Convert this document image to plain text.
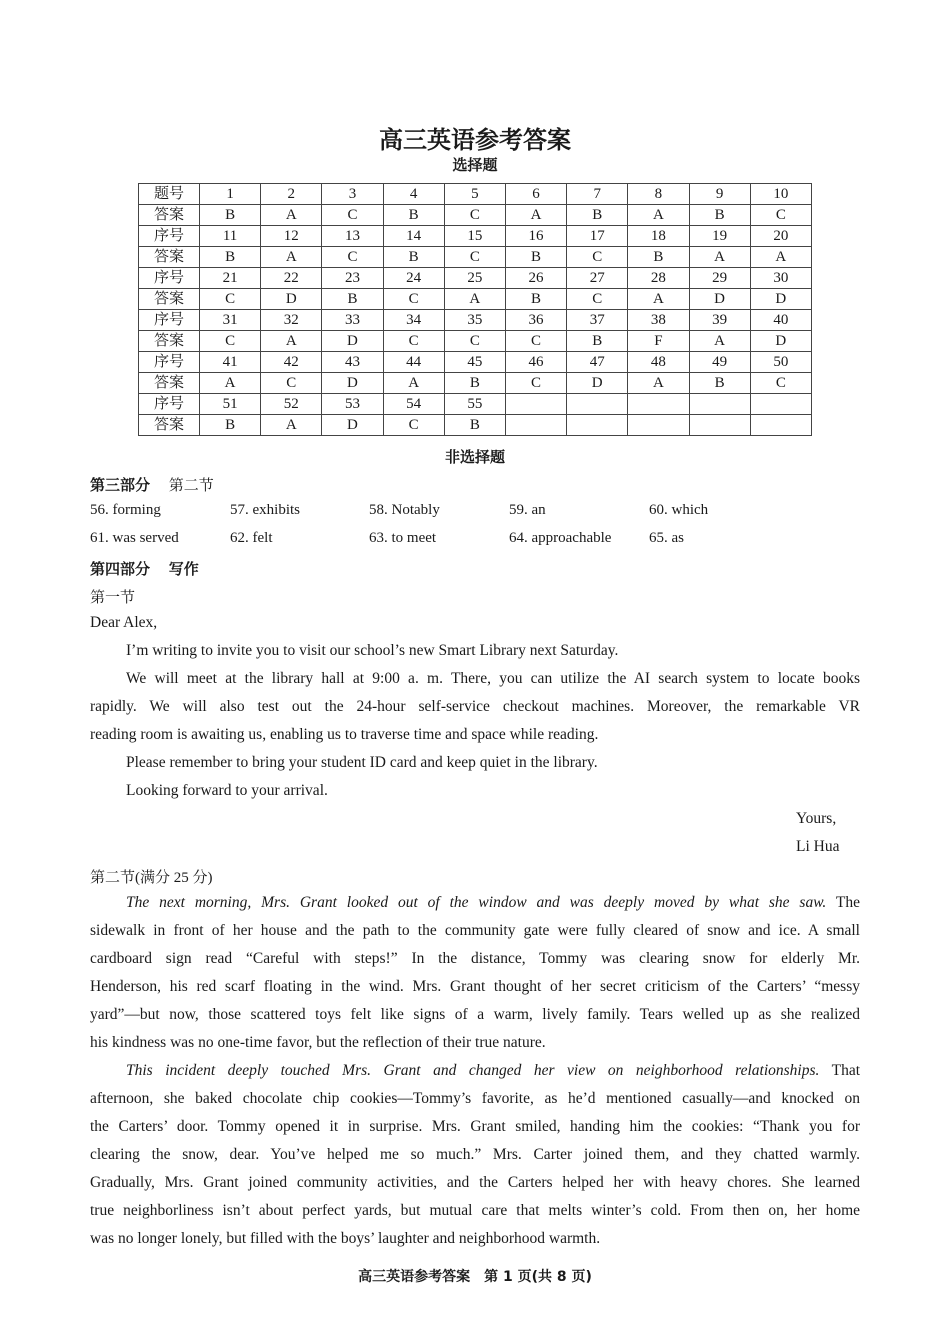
高三英语参考答案
选择题
题号	1	2	3	4	5	6	7	8	9	10
答案	B	A	C	B	C	A	B	A	B	C
序号	11	12	13	14	15	16	17	18	19	20
答案	B	A	C	B	C	B	C	B	A	A
序号	21	22	23	24	25	26	27	28	29	30
答案	C	D	B	C	A	B	C	A	D	D
序号	31	32	33	34	35	36	37	38	39	40
答案	C	A	D	C	C	C	B	F	A	D
序号	41	42	43	44	45	46	47	48	49	50
答案	A	C	D	A	B	C	D	A	B	C
序号	51	52	53	54	55					
答案	B	A	D	C	B					
非选择题
第三部分 第二节
56. forming	57. exhibits	58. Notably	59. an	60. which
61. was served	62. felt	63. to meet	64. approachable	65. as
第四部分 写作
第一节
Dear Alex,
I’m writing to invite you to visit our school’s new Smart Library next Saturday.
We will meet at the library hall at 9:00 a. m. There, you can utilize the AI search system to locate books
rapidly. We will also test out the 24-hour self-service checkout machines. Moreover, the remarkable VR
reading room is awaiting us, enabling us to traverse time and space while reading.
Please remember to bring your student ID card and keep quiet in the library.
Looking forward to your arrival.
Yours,
Li Hua
第二节(满分 25 分)
The next morning, Mrs. Grant looked out of the window and was deeply moved by what she saw. The
sidewalk in front of her house and the path to the community gate were fully cleared of snow and ice. A small
cardboard sign read “Careful with steps!” In the distance, Tommy was clearing snow for elderly Mr.
Henderson, his red scarf floating in the wind. Mrs. Grant thought of her secret criticism of the Carters’ “messy
yard”—but now, those scattered toys felt like signs of a warm, lively family. Tears welled up as she realized
his kindness was no one-time favor, but the reflection of their true nature.
This incident deeply touched Mrs. Grant and changed her view on neighborhood relationships. That
afternoon, she baked chocolate chip cookies—Tommy’s favorite, as he’d mentioned casually—and knocked on
the Carters’ door. Tommy opened it in surprise. Mrs. Grant smiled, handing him the cookies: “Thank you for
clearing the snow, dear. You’ve helped me so much.” Mrs. Carter joined them, and they chatted warmly.
Gradually, Mrs. Grant joined community activities, and the Carters helped her with heavy chores. She learned
true neighborliness isn’t about perfect yards, but mutual care that melts winter’s cold. From then on, her home
was no longer lonely, but filled with the boys’ laughter and neighborhood warmth.
高三英语参考答案　第 1 页(共 8 页)
